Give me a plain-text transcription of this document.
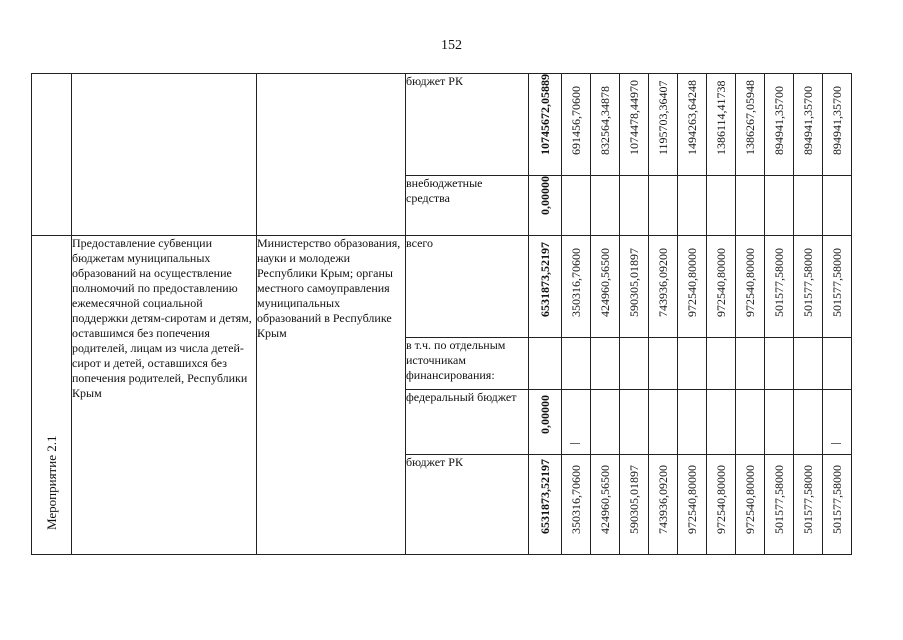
152
			бюджет РК	10745672,05889	691456,70600	832564,34878	1074478,44970	1195703,36407	1494263,64248	1386114,41738	1386267,05948	894941,35700	894941,35700	894941,35700

			внебюджетные средства	0,00000										

Мероприятие 2.1	Предоставление субвенции бюджетам муниципальных образований на осуществление полномочий по предоставлению ежемесячной социальной поддержки детям-сиротам и детям, оставшимся без попечения родителей, лицам из числа детей-сирот и детей, оставшихся без попечения родителей, Республики Крым	Министерство образования, науки и молодежи Республики Крым; органы местного самоуправления муниципальных образований в Республике Крым	всего	6531873,52197	350316,70600	424960,56500	590305,01897	743936,09200	972540,80000	972540,80000	972540,80000	501577,58000	501577,58000	501577,58000

			в т.ч. по отдельным источникам финансирования:											
			федеральный бюджет	0,00000										

			бюджет РК	6531873,52197	350316,70600	424960,56500	590305,01897	743936,09200	972540,80000	972540,80000	972540,80000	501577,58000	501577,58000	501577,58000
